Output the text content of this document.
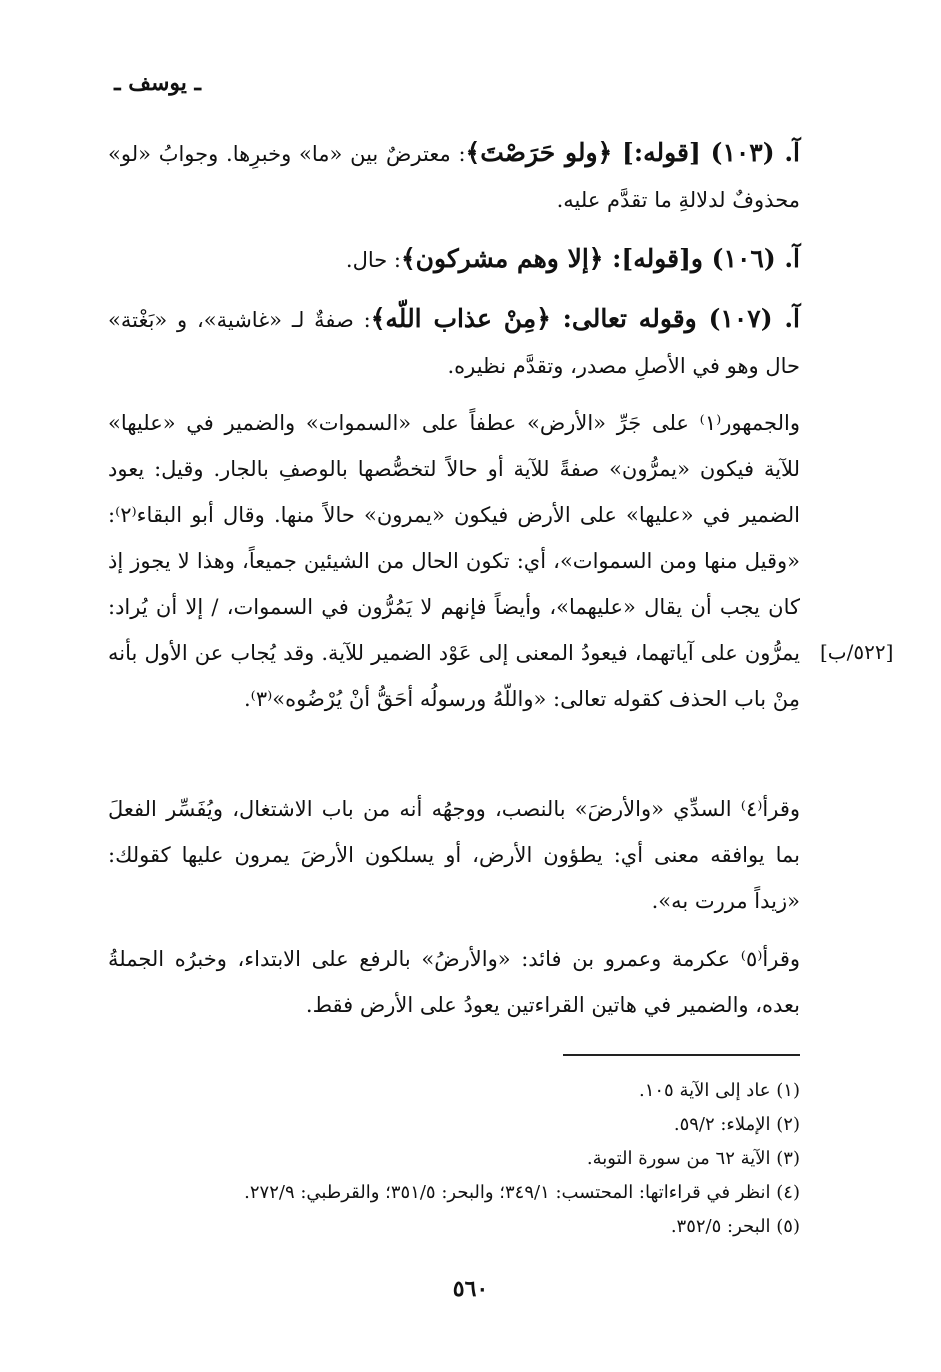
ـ يوسف ـ

آ. (١٠٣) [قوله:] ﴿ولو حَرَصْتَ﴾: معترضٌ بين «ما» وخبرِها. وجوابُ «لو» محذوفٌ لدلالةِ ما تقدَّم عليه.

آ. (١٠٦) و[قوله]: ﴿إلا وهم مشركون﴾: حال.

آ. (١٠٧) وقوله تعالى: ﴿مِنْ عذاب اللّه﴾: صفةٌ لـ «غاشية»، و «بَغْتة» حال وهو في الأصلِ مصدر، وتقدَّم نظيره.

والجمهور⁽١⁾ على جَرِّ «الأرض» عطفاً على «السموات» والضمير في «عليها» للآية فيكون «يمرُّون» صفةً للآية أو حالاً لتخصُّصها بالوصفِ بالجار. وقيل: يعود الضمير في «عليها» على الأرض فيكون «يمرون» حالاً منها. وقال أبو البقاء⁽٢⁾: «وقيل منها ومن السموات»، أي: تكون الحال من الشيئين جميعاً، وهذا لا يجوز إذ كان يجب أن يقال «عليهما»، وأيضاً فإنهم لا يَمُرُّون في السموات، / إلا أن يُراد: يمرُّون على آياتهما، فيعودُ المعنى إلى عَوْد الضمير للآية. وقد يُجاب عن الأول بأنه مِنْ باب الحذف كقوله تعالى: «واللّهُ ورسولُه أحَقُّ أنْ يُرْضُوه»⁽٣⁾.

[٥٢٢/ب]

وقرأ⁽٤⁾ السدِّي «والأرضَ» بالنصب، ووجهُه أنه من باب الاشتغال، ويُفَسِّر الفعلَ بما يوافقه معنى أي: يطؤون الأرض، أو يسلكون الأرضَ يمرون عليها كقولك: «زيداً مررت به».

وقرأ⁽٥⁾ عكرمة وعمرو بن فائد: «والأرضُ» بالرفع على الابتداء، وخبرُه الجملةُ بعده، والضمير في هاتين القراءتين يعودُ على الأرض فقط.

(١) عاد إلى الآية ١٠٥.
(٢) الإملاء: ٥٩/٢.
(٣) الآية ٦٢ من سورة التوبة.
(٤) انظر في قراءاتها: المحتسب: ٣٤٩/١؛ والبحر: ٣٥١/٥؛ والقرطبي: ٢٧٢/٩.
(٥) البحر: ٣٥٢/٥.
٥٦٠
